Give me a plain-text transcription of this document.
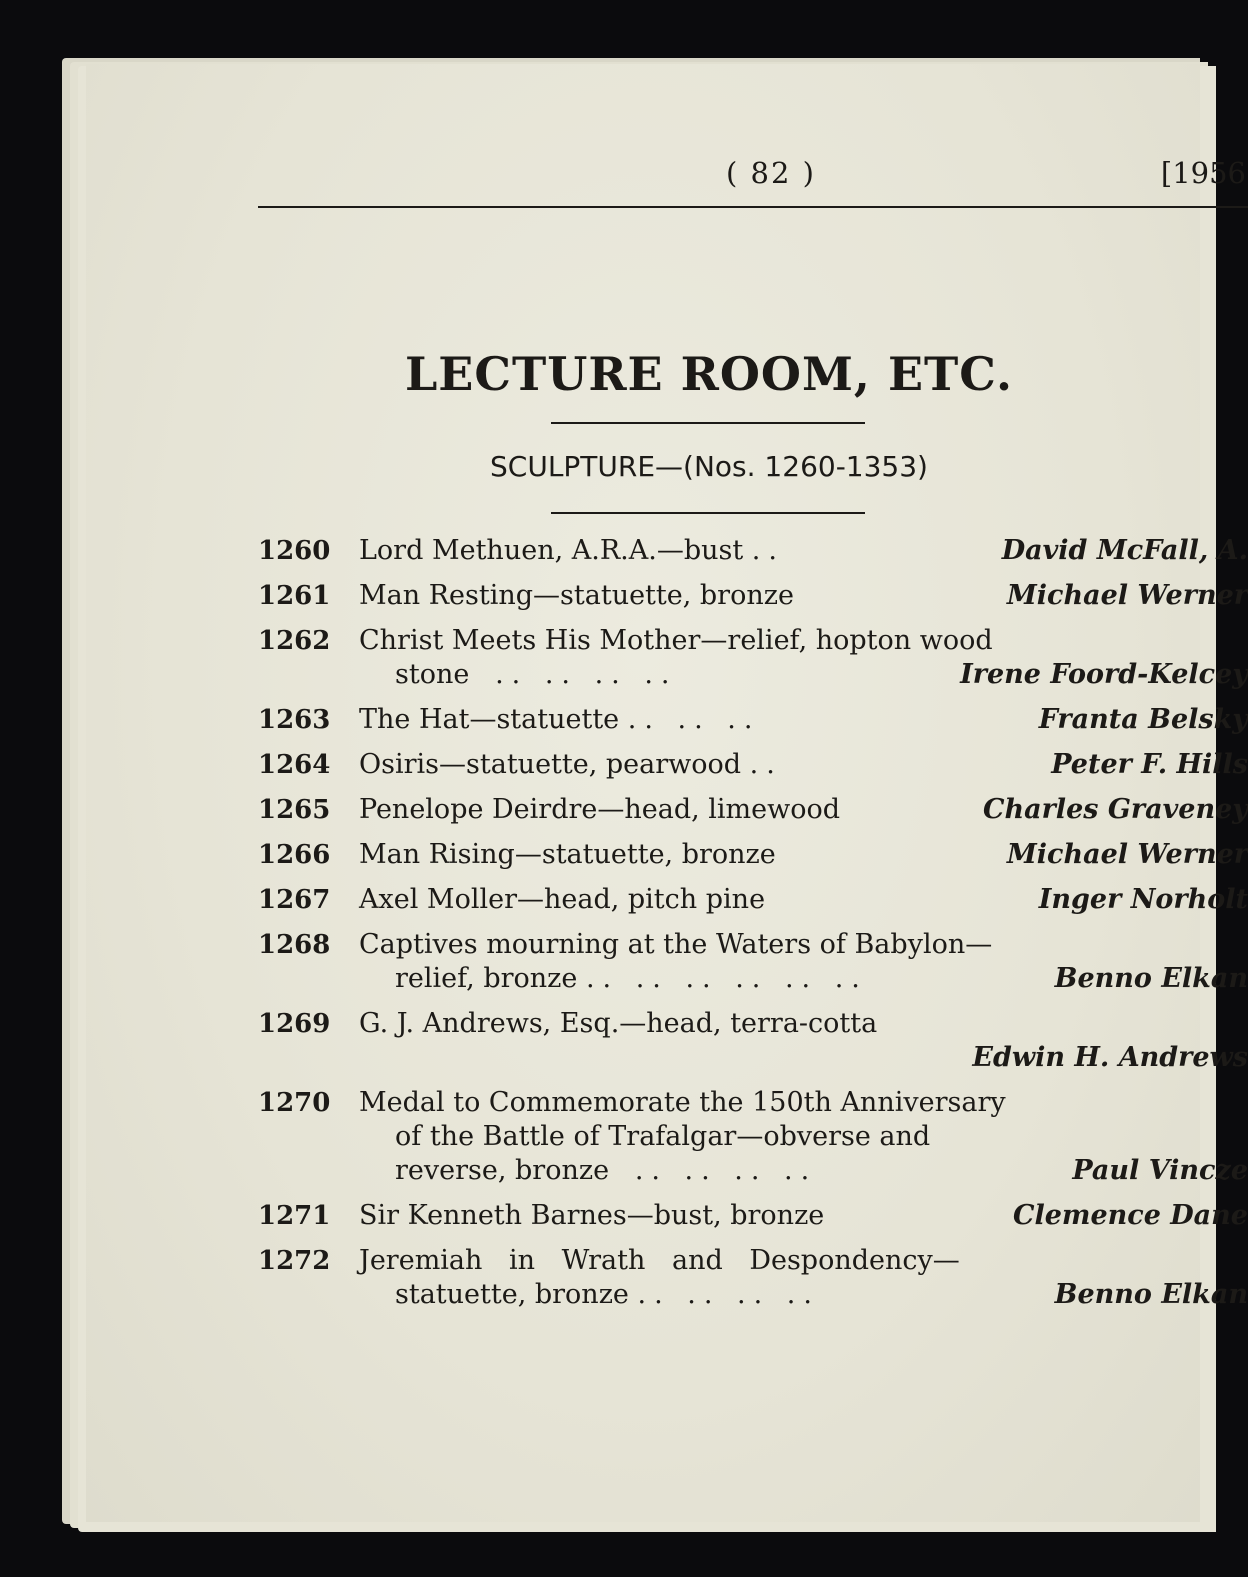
( 82 )	[1956
LECTURE ROOM, ETC.
SCULPTURE—(Nos. 1260-1353)
1260 Lord Methuen, A.R.A.—bust ..	David McFall, A.
1261 Man Resting—statuette, bronze	Michael Werner
1262 Christ Meets His Mother—relief, hopton wood
stone .. .. .. ..	Irene Foord-Kelcey
1263 The Hat—statuette .. .. ..	Franta Belsky
1264 Osiris—statuette, pearwood ..	Peter F. Hills
1265 Penelope Deirdre—head, limewood	Charles Graveney
1266 Man Rising—statuette, bronze	Michael Werner
1267 Axel Moller—head, pitch pine	Inger Norholt
1268 Captives mourning at the Waters of Babylon—
relief, bronze .. .. .. .. .. ..	Benno Elkan
1269 G. J. Andrews, Esq.—head, terra-cotta
Edwin H. Andrews
1270 Medal to Commemorate the 150th Anniversary
of the Battle of Trafalgar—obverse and
reverse, bronze .. .. .. ..	Paul Vincze
1271 Sir Kenneth Barnes—bust, bronze	Clemence Dane
1272 Jeremiah in Wrath and Despondency—
statuette, bronze .. .. .. ..	Benno Elkan
